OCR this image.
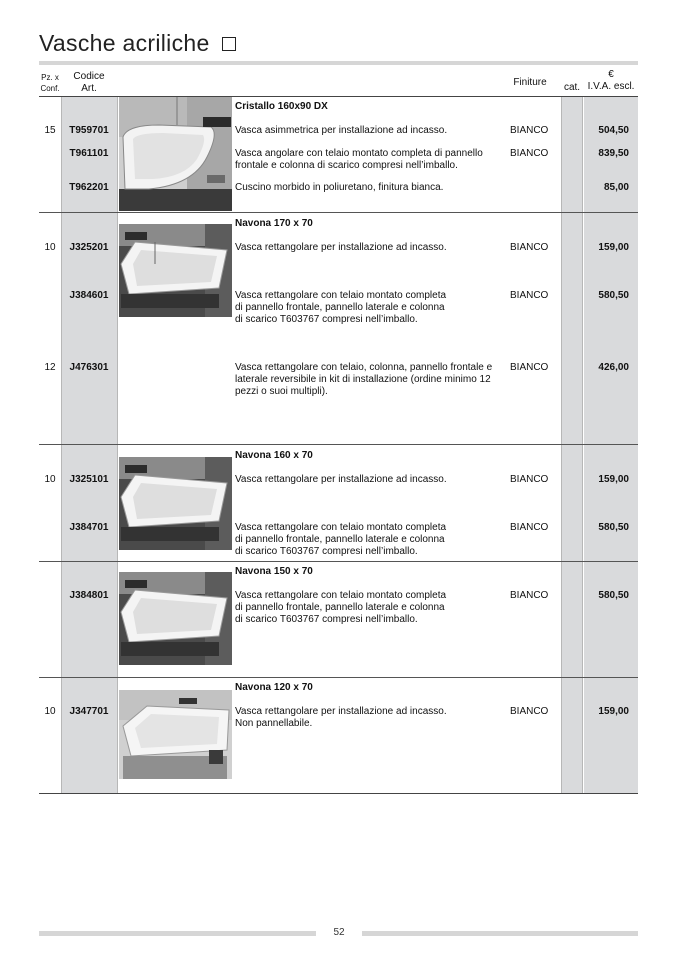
Vasche acriliche
Pz. x
Conf.
Codice
Art.
Finiture	cat.
€
I.V.A. escl.
Cristallo 160x90 DX
15	T959701	Vasca asimmetrica per installazione ad incasso.	BIANCO	504,50
T961101	Vasca angolare con telaio montato completa di pannello
frontale e colonna di scarico compresi nell’imballo.
BIANCO	839,50
T962201	Cuscino morbido in poliuretano, finitura bianca.	85,00
Navona 170 x 70
10	J325201	Vasca rettangolare per installazione ad incasso.	BIANCO	159,00
J384601	Vasca rettangolare con telaio montato completa
di pannello frontale, pannello laterale e colonna
di scarico T603767 compresi nell’imballo.
BIANCO	580,50
12	J476301	Vasca rettangolare con telaio, colonna, pannello frontale e
laterale reversibile in kit di installazione (ordine minimo 12
pezzi o suoi multipli).
BIANCO	426,00
Navona 160 x 70
10	J325101	Vasca rettangolare per installazione ad incasso.	BIANCO	159,00
J384701	Vasca rettangolare con telaio montato completa
di pannello frontale, pannello laterale e colonna
di scarico T603767 compresi nell’imballo.
BIANCO	580,50
Navona 150 x 70
J384801	Vasca rettangolare con telaio montato completa
di pannello frontale, pannello laterale e colonna
di scarico T603767 compresi nell’imballo.
BIANCO	580,50
Navona 120 x 70
10	J347701	Vasca rettangolare per installazione ad incasso.
Non pannellabile.
BIANCO	159,00
52
